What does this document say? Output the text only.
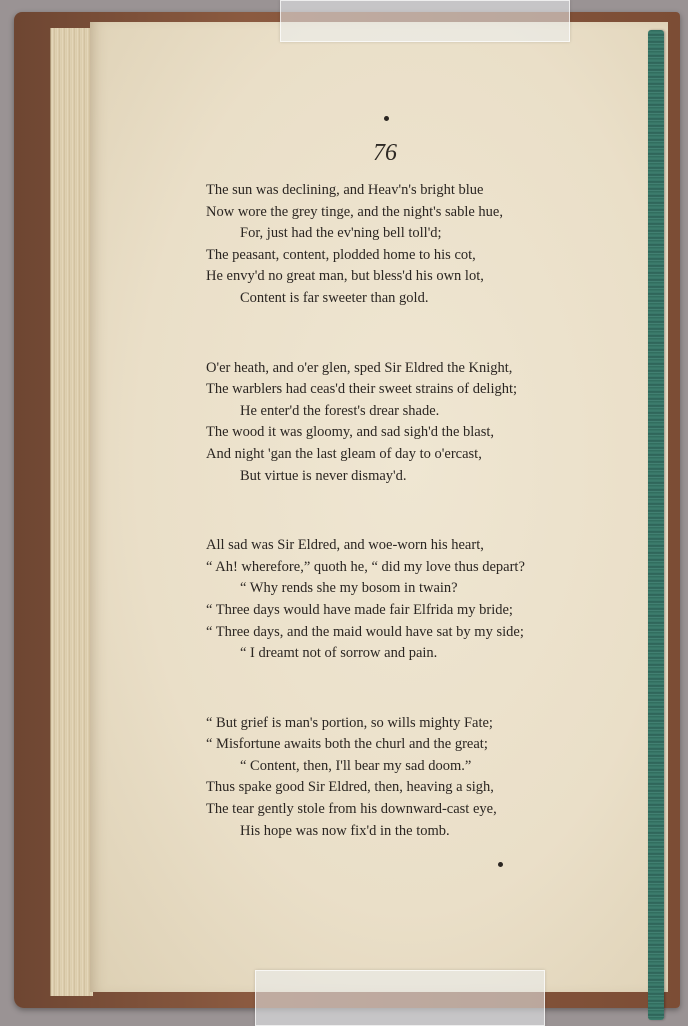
76
The sun was declining, and Heav'n's bright blue
Now wore the grey tinge, and the night's sable hue,
For, just had the ev'ning bell toll'd;
The peasant, content, plodded home to his cot,
He envy'd no great man, but bless'd his own lot,
Content is far sweeter than gold.
O'er heath, and o'er glen, sped Sir Eldred the Knight,
The warblers had ceas'd their sweet strains of delight;
He enter'd the forest's drear shade.
The wood it was gloomy, and sad sigh'd the blast,
And night 'gan the last gleam of day to o'ercast,
But virtue is never dismay'd.
All sad was Sir Eldred, and woe-worn his heart,
“ Ah! wherefore,” quoth he, “ did my love thus depart?
“ Why rends she my bosom in twain?
“ Three days would have made fair Elfrida my bride;
“ Three days, and the maid would have sat by my side;
“ I dreamt not of sorrow and pain.
“ But grief is man's portion, so wills mighty Fate;
“ Misfortune awaits both the churl and the great;
“ Content, then, I'll bear my sad doom.”
Thus spake good Sir Eldred, then, heaving a sigh,
The tear gently stole from his downward-cast eye,
His hope was now fix'd in the tomb.
